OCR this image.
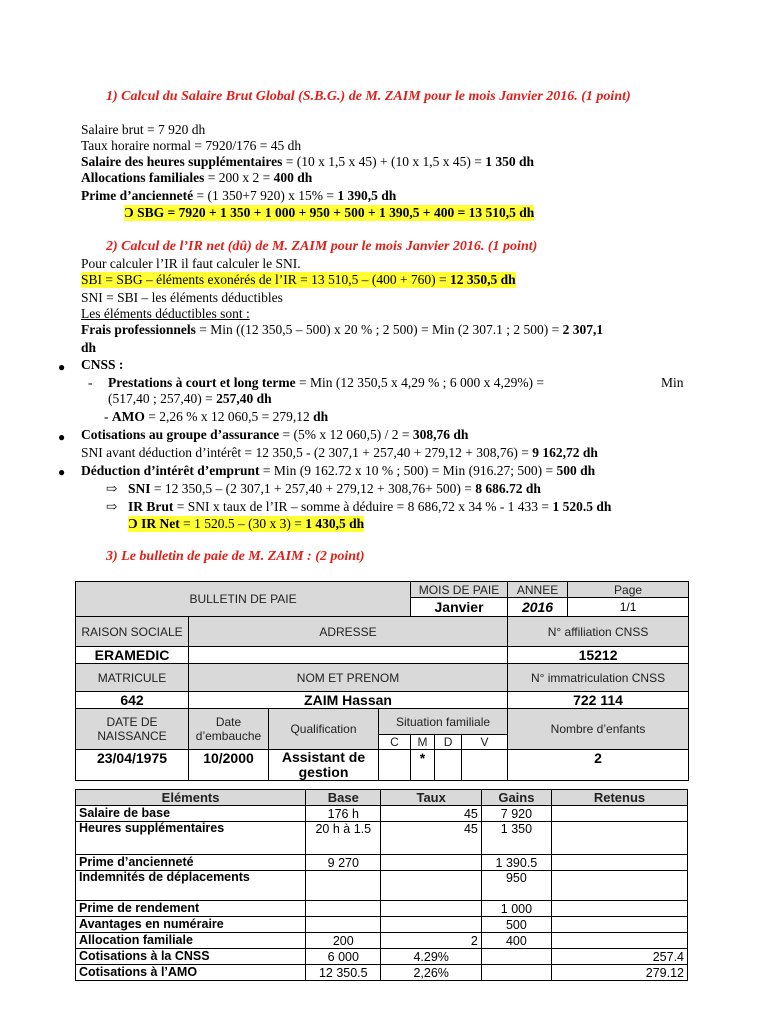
1) Calcul du Salaire Brut Global (S.B.G.) de M. ZAIM pour le mois Janvier 2016. (1 point)
Salaire brut = 7 920 dh
Taux horaire normal = 7920/176 = 45 dh
Salaire des heures supplémentaires = (10 x 1,5 x 45) + (10 x 1,5 x 45) = 1 350 dh
Allocations familiales = 200 x 2 = 400 dh
Prime d’ancienneté = (1 350+7 920) x 15% = 1 390,5 dh
Ͻ SBG = 7920 + 1 350 + 1 000 + 950 + 500 + 1 390,5 + 400 = 13 510,5 dh
2) Calcul de l’IR net (dû) de M. ZAIM pour le mois Janvier 2016. (1 point)
Pour calculer l’IR il faut calculer le SNI.
SBI = SBG – éléments exonérés de l’IR = 13 510,5 – (400 + 760) = 12 350,5 dh
SNI = SBI – les éléments déductibles
Les éléments déductibles sont :
Frais professionnels = Min ((12 350,5 – 500) x 20 % ; 2 500) = Min (2 307.1 ; 2 500) = 2 307,1
dh
● CNSS :
- Prestations à court et long terme = Min (12 350,5 x 4,29 % ; 6 000 x 4,29%) =	Min
(517,40 ; 257,40) = 257,40 dh
- AMO = 2,26 % x 12 060,5 = 279,12 dh
● Cotisations au groupe d’assurance = (5% x 12 060,5) / 2 = 308,76 dh
SNI avant déduction d’intérêt = 12 350,5 - (2 307,1 + 257,40 + 279,12 + 308,76) = 9 162,72 dh
● Déduction d’intérêt d’emprunt = Min (9 162.72 x 10 % ; 500) = Min (916.27; 500) = 500 dh
⇨ SNI = 12 350,5 – (2 307,1 + 257,40 + 279,12 + 308,76+ 500) = 8 686.72 dh
⇨ IR Brut = SNI x taux de l’IR – somme à déduire = 8 686,72 x 34 % - 1 433 = 1 520.5 dh
Ͻ IR Net = 1 520.5 – (30 x 3) = 1 430,5 dh
3) Le bulletin de paie de M. ZAIM : (2 point)
BULLETIN DE PAIE				MOIS DE PAIE			ANNEE	Page
				Janvier			2016	1/1
RAISON SOCIALE	ADRESSE						N° affiliation CNSS	
ERAMEDIC							15212	
MATRICULE	NOM ET PRENOM						N° immatriculation CNSS	
642	ZAIM Hassan						722 114	
DATE DE NAISSANCE	Date d’embauche	Qualification	Situation familiale				Nombre d’enfants	
			C	M	D	V		
23/04/1975	10/2000	Assistant de gestion		*			2	
Eléments	Base	Taux	Gains	Retenus
Salaire de base	176 h	45	7 920	
Heures supplémentaires	20 h à 1.5	45	1 350	
Prime d’ancienneté	9 270		1 390.5	
Indemnités de déplacements			950	
Prime de rendement			1 000	
Avantages en numéraire			500	
Allocation familiale	200	2	400	
Cotisations à la CNSS	6 000	4.29%		257.4
Cotisations à l’AMO	12 350.5	2,26%		279.12
